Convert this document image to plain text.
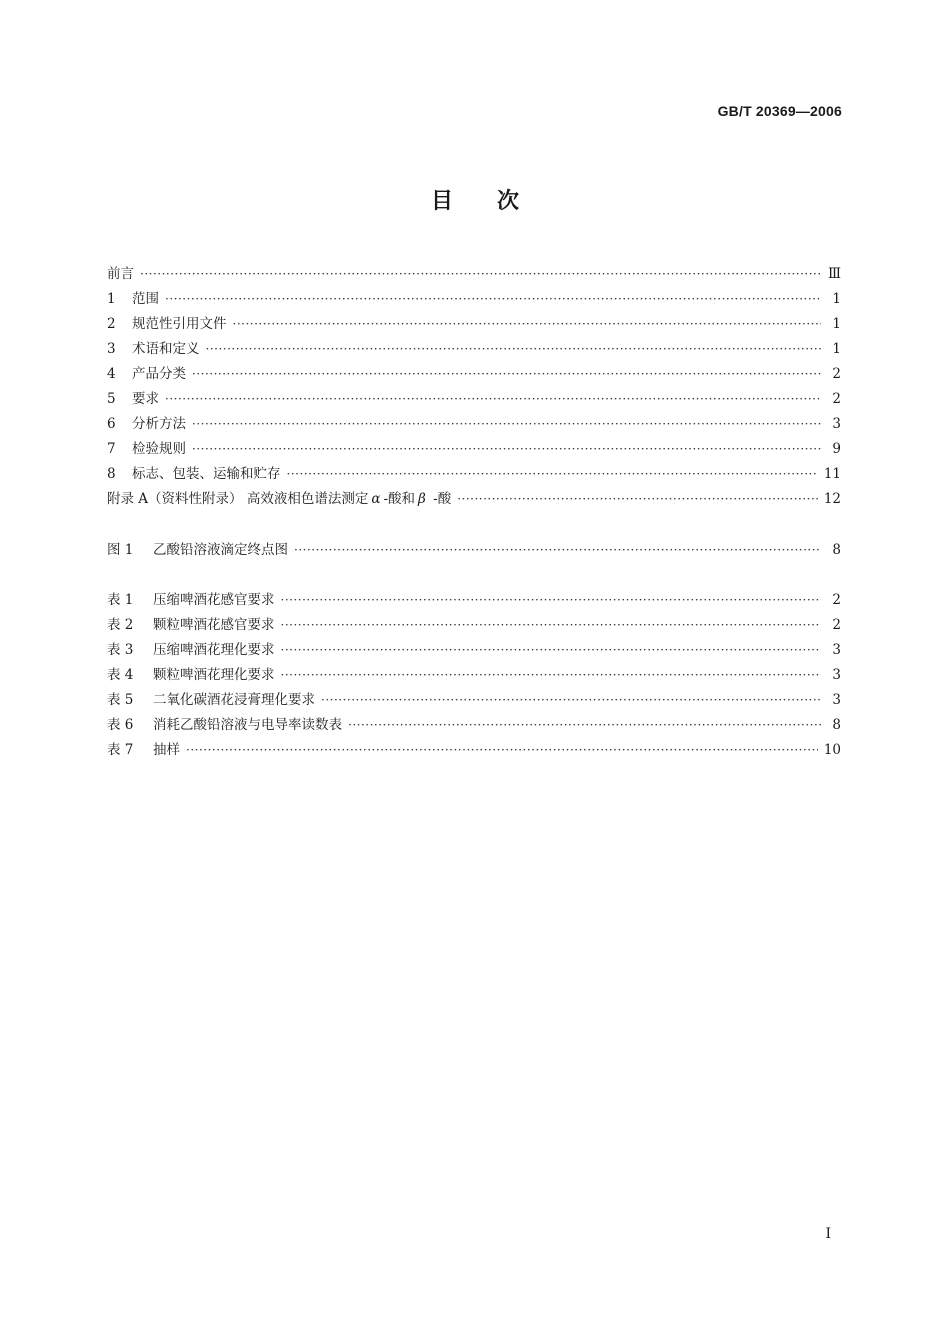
GB/T 20369—2006
目次
前言 ·····	Ⅲ
1	范围 ·····	1
2	规范性引用文件 ·····	1
3	术语和定义 ·····	1
4	产品分类 ·····	2
5	要求 ·····	2
6	分析方法 ·····	3
7	检验规则 ·····	9
8	标志、包装、运输和贮存 ·····	11
附录 A（资料性附录） 高效液相色谱法测定 α -酸和 β -酸 ·····	12
图 1	乙酸铅溶液滴定终点图 ·····	8
表 1	压缩啤酒花感官要求 ·····	2
表 2	颗粒啤酒花感官要求 ·····	2
表 3	压缩啤酒花理化要求 ·····	3
表 4	颗粒啤酒花理化要求 ·····	3
表 5	二氧化碳酒花浸膏理化要求 ·····	3
表 6	消耗乙酸铅溶液与电导率读数表 ·····	8
表 7	抽样 ·····	10
I
